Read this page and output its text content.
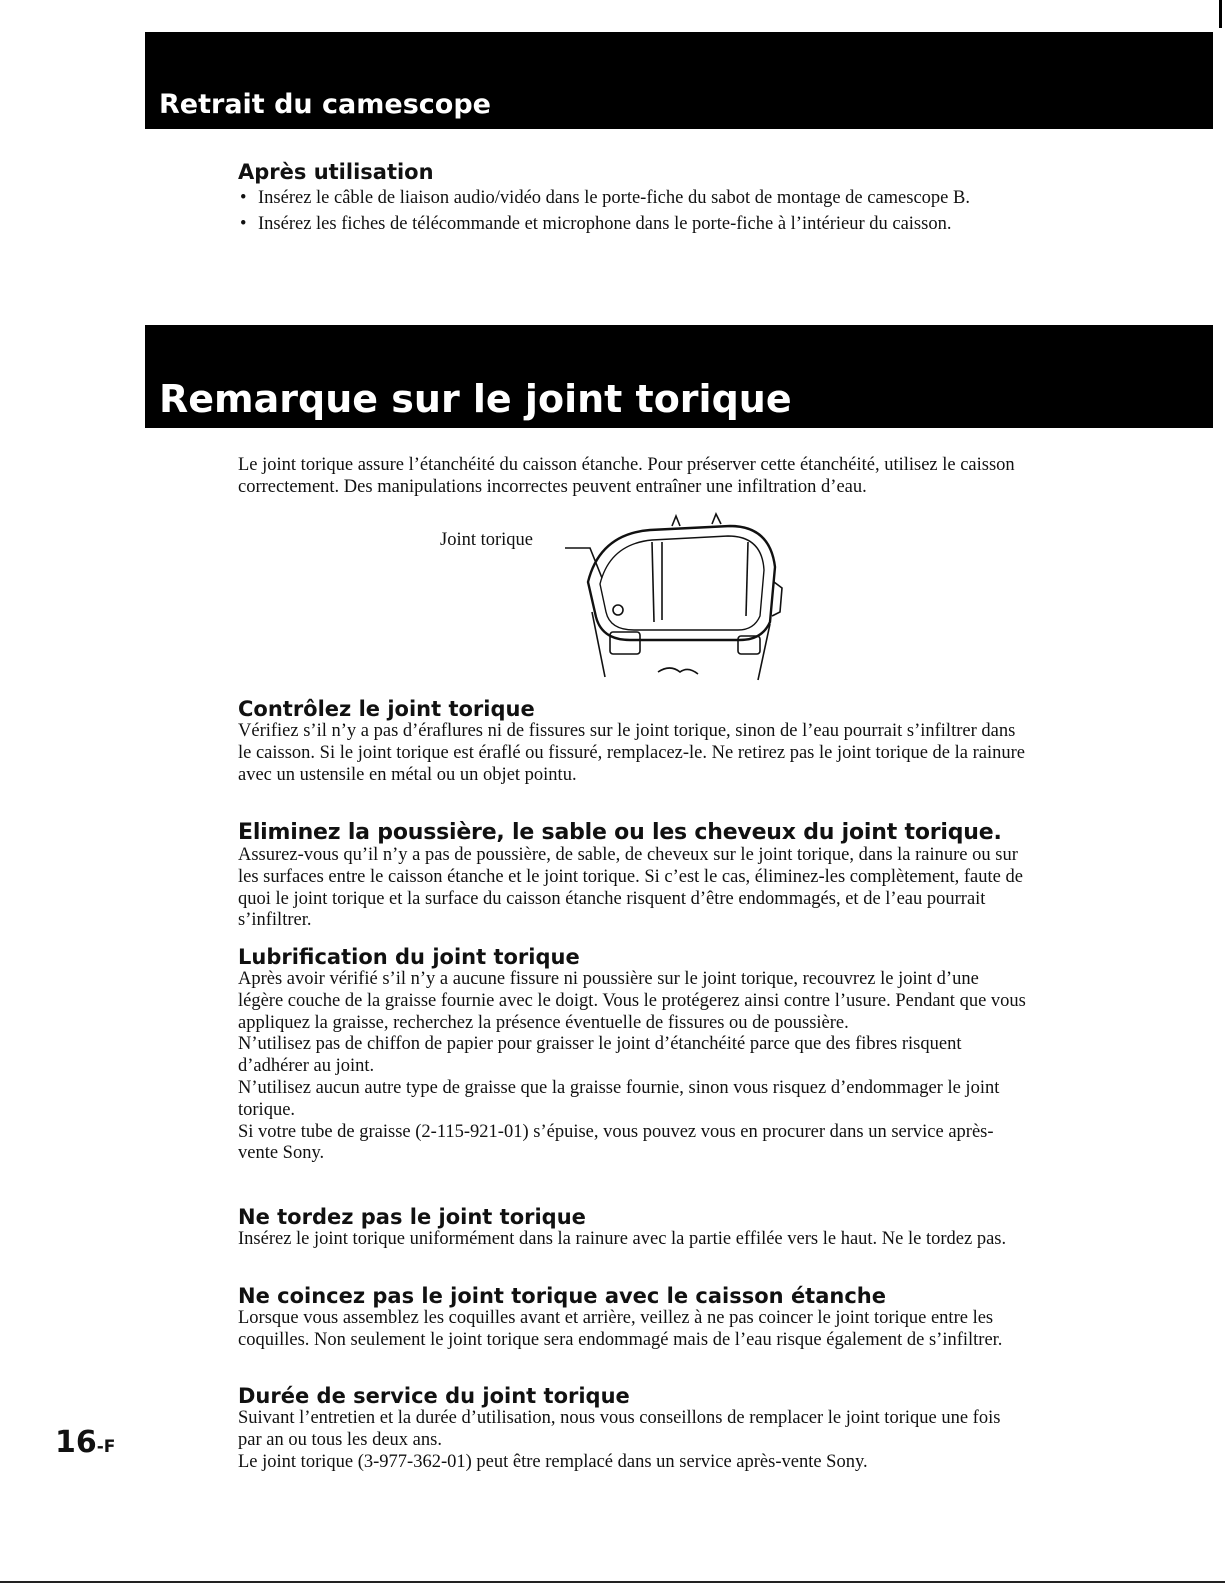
Retrait du camescope
Après utilisation
• Insérez le câble de liaison audio/vidéo dans le porte-fiche du sabot de montage de camescope B.
• Insérez les fiches de télécommande et microphone dans le porte-fiche à l’intérieur du caisson.
Remarque sur le joint torique

Le joint torique assure l’étanchéité du caisson étanche. Pour préserver cette étanchéité, utilisez le caisson correctement. Des manipulations incorrectes peuvent entraîner une infiltration d’eau.

Joint torique
Contrôlez le joint torique

Vérifiez s’il n’y a pas d’éraflures ni de fissures sur le joint torique, sinon de l’eau pourrait s’infiltrer dans le caisson. Si le joint torique est éraflé ou fissuré, remplacez-le. Ne retirez pas le joint torique de la rainure avec un ustensile en métal ou un objet pointu.

Eliminez la poussière, le sable ou les cheveux du joint torique.

Assurez-vous qu’il n’y a pas de poussière, de sable, de cheveux sur le joint torique, dans la rainure ou sur les surfaces entre le caisson étanche et le joint torique. Si c’est le cas, éliminez-les complètement, faute de quoi le joint torique et la surface du caisson étanche risquent d’être endommagés, et de l’eau pourrait s’infiltrer.

Lubrification du joint torique

Après avoir vérifié s’il n’y a aucune fissure ni poussière sur le joint torique, recouvrez le joint d’une légère couche de la graisse fournie avec le doigt. Vous le protégerez ainsi contre l’usure. Pendant que vous appliquez la graisse, recherchez la présence éventuelle de fissures ou de poussière.

N’utilisez pas de chiffon de papier pour graisser le joint d’étanchéité parce que des fibres risquent d’adhérer au joint.

N’utilisez aucun autre type de graisse que la graisse fournie, sinon vous risquez d’endommager le joint torique.

Si votre tube de graisse (2-115-921-01) s’épuise, vous pouvez vous en procurer dans un service après-vente Sony.

Ne tordez pas le joint torique

Insérez le joint torique uniformément dans la rainure avec la partie effilée vers le haut. Ne le tordez pas.

Ne coincez pas le joint torique avec le caisson étanche

Lorsque vous assemblez les coquilles avant et arrière, veillez à ne pas coincer le joint torique entre les coquilles. Non seulement le joint torique sera endommagé mais de l’eau risque également de s’infiltrer.

Durée de service du joint torique

Suivant l’entretien et la durée d’utilisation, nous vous conseillons de remplacer le joint torique une fois par an ou tous les deux ans.

Le joint torique (3-977-362-01) peut être remplacé dans un service après-vente Sony.

16-F
